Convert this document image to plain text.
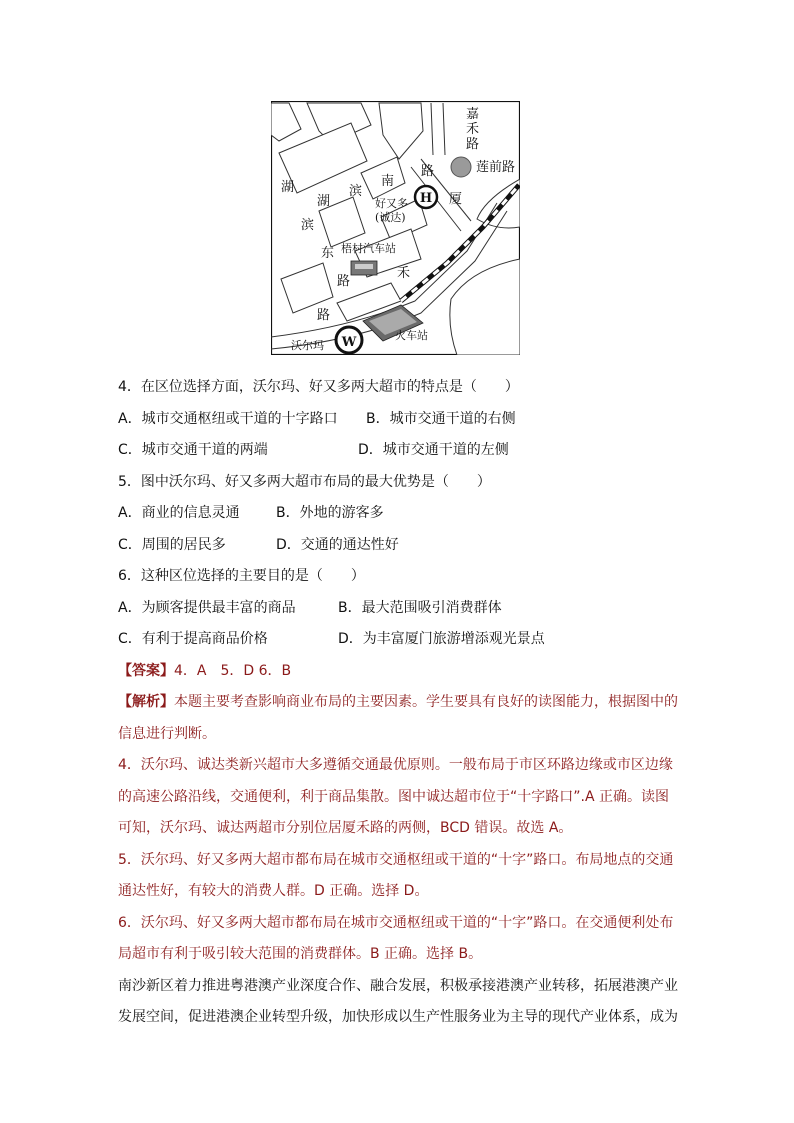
H
W
嘉
禾
路
莲前路
路
南
滨
湖
湖
滨
东
路
路
好又多
(诚达)
厦
禾
梧村汽车站
沃尔玛
火车站
4．在区位选择方面，沃尔玛、好又多两大超市的特点是（　　）
A．城市交通枢纽或干道的十字路口	B．城市交通干道的右侧
C．城市交通干道的两端	D．城市交通干道的左侧
5．图中沃尔玛、好又多两大超市布局的最大优势是（　　）
A．商业的信息灵通	B．外地的游客多
C．周围的居民多	D．交通的通达性好
6．这种区位选择的主要目的是（　　）
A．为顾客提供最丰富的商品	B．最大范围吸引消费群体
C．有利于提高商品价格	D．为丰富厦门旅游增添观光景点
【答案】4．A　5．D 6．B
【解析】本题主要考查影响商业布局的主要因素。学生要具有良好的读图能力，根据图中的信息进行判断。
4．沃尔玛、诚达类新兴超市大多遵循交通最优原则。一般布局于市区环路边缘或市区边缘的高速公路沿线，交通便利，利于商品集散。图中诚达超市位于“十字路口”.A 正确。读图可知，沃尔玛、诚达两超市分别位居厦禾路的两侧，BCD 错误。故选 A。
5．沃尔玛、好又多两大超市都布局在城市交通枢纽或干道的“十字”路口。布局地点的交通通达性好，有较大的消费人群。D 正确。选择 D。
6．沃尔玛、好又多两大超市都布局在城市交通枢纽或干道的“十字”路口。在交通便利处布局超市有利于吸引较大范围的消费群体。B 正确。选择 B。
南沙新区着力推进粤港澳产业深度合作、融合发展，积极承接港澳产业转移，拓展港澳产业发展空间，促进港澳企业转型升级，加快形成以生产性服务业为主导的现代产业体系，成为
